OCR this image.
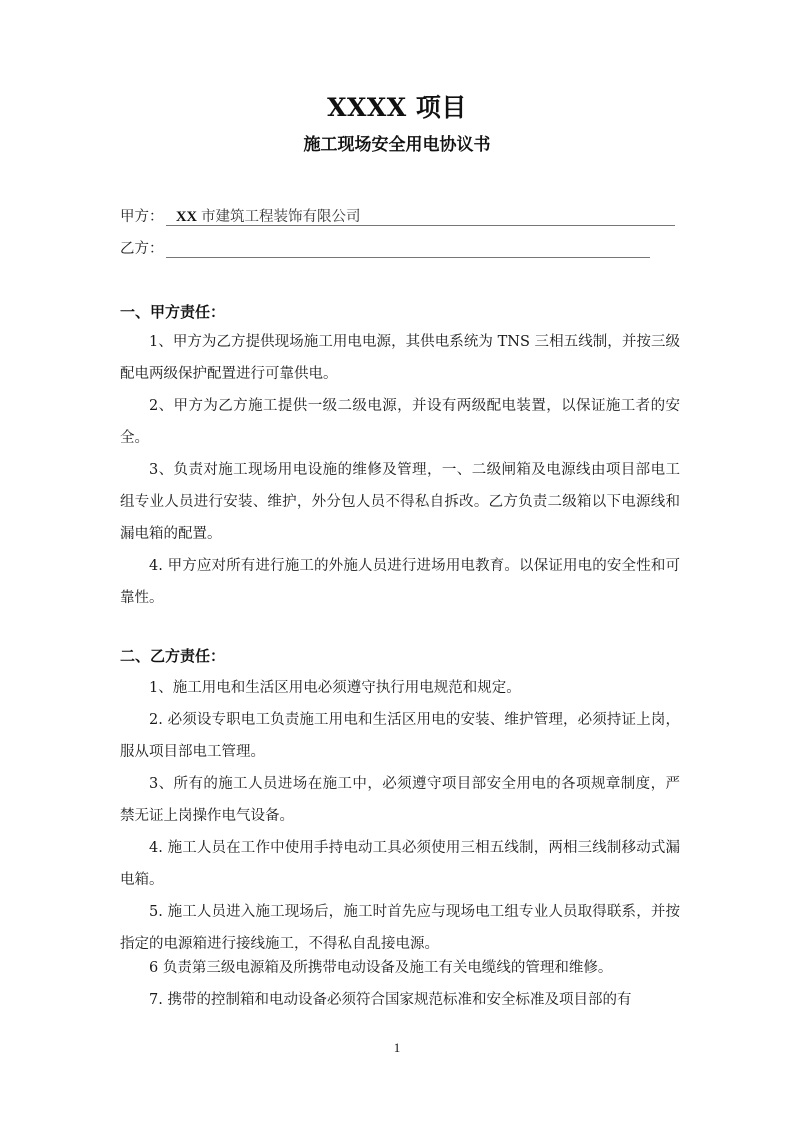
XXXX 项目
施工现场安全用电协议书
甲方： XX 市建筑工程装饰有限公司
乙方：
一、甲方责任：
1、甲方为乙方提供现场施工用电电源，其供电系统为 TNS 三相五线制，并按三级配电两级保护配置进行可靠供电。
2、甲方为乙方施工提供一级二级电源，并设有两级配电装置，以保证施工者的安全。
3、负责对施工现场用电设施的维修及管理，一、二级闸箱及电源线由项目部电工组专业人员进行安装、维护，外分包人员不得私自拆改。乙方负责二级箱以下电源线和漏电箱的配置。
4. 甲方应对所有进行施工的外施人员进行进场用电教育。以保证用电的安全性和可靠性。
二、乙方责任：
1、施工用电和生活区用电必须遵守执行用电规范和规定。
2. 必须设专职电工负责施工用电和生活区用电的安装、维护管理，必须持证上岗，服从项目部电工管理。
3、所有的施工人员进场在施工中，必须遵守项目部安全用电的各项规章制度，严禁无证上岗操作电气设备。
4. 施工人员在工作中使用手持电动工具必须使用三相五线制，两相三线制移动式漏电箱。
5. 施工人员进入施工现场后，施工时首先应与现场电工组专业人员取得联系，并按指定的电源箱进行接线施工，不得私自乱接电源。
6 负责第三级电源箱及所携带电动设备及施工有关电缆线的管理和维修。
7. 携带的控制箱和电动设备必须符合国家规范标准和安全标准及项目部的有
1
